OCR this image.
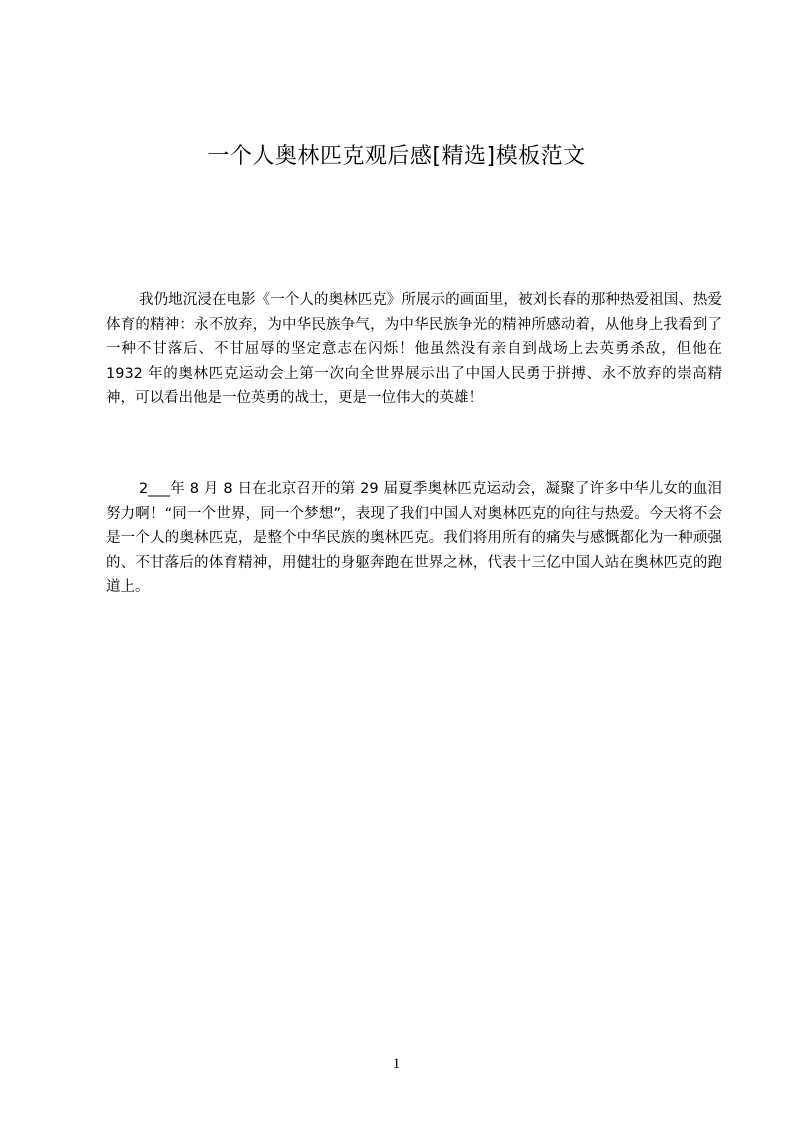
一个人奥林匹克观后感[精选]模板范文

我仍地沉浸在电影《一个人的奥林匹克》所展示的画面里，被刘长春的那种热爱祖国、热爱体育的精神：永不放弃，为中华民族争气，为中华民族争光的精神所感动着，从他身上我看到了一种不甘落后、不甘屈辱的坚定意志在闪烁！他虽然没有亲自到战场上去英勇杀敌，但他在 1932 年的奥林匹克运动会上第一次向全世界展示出了中国人民勇于拼搏、永不放弃的崇高精神，可以看出他是一位英勇的战士，更是一位伟大的英雄！

2___年 8 月 8 日在北京召开的第 29 届夏季奥林匹克运动会，凝聚了许多中华儿女的血泪努力啊！“同一个世界，同一个梦想”，表现了我们中国人对奥林匹克的向往与热爱。今天将不会是一个人的奥林匹克，是整个中华民族的奥林匹克。我们将用所有的痛失与感慨都化为一种顽强的、不甘落后的体育精神，用健壮的身躯奔跑在世界之林，代表十三亿中国人站在奥林匹克的跑道上。

1
